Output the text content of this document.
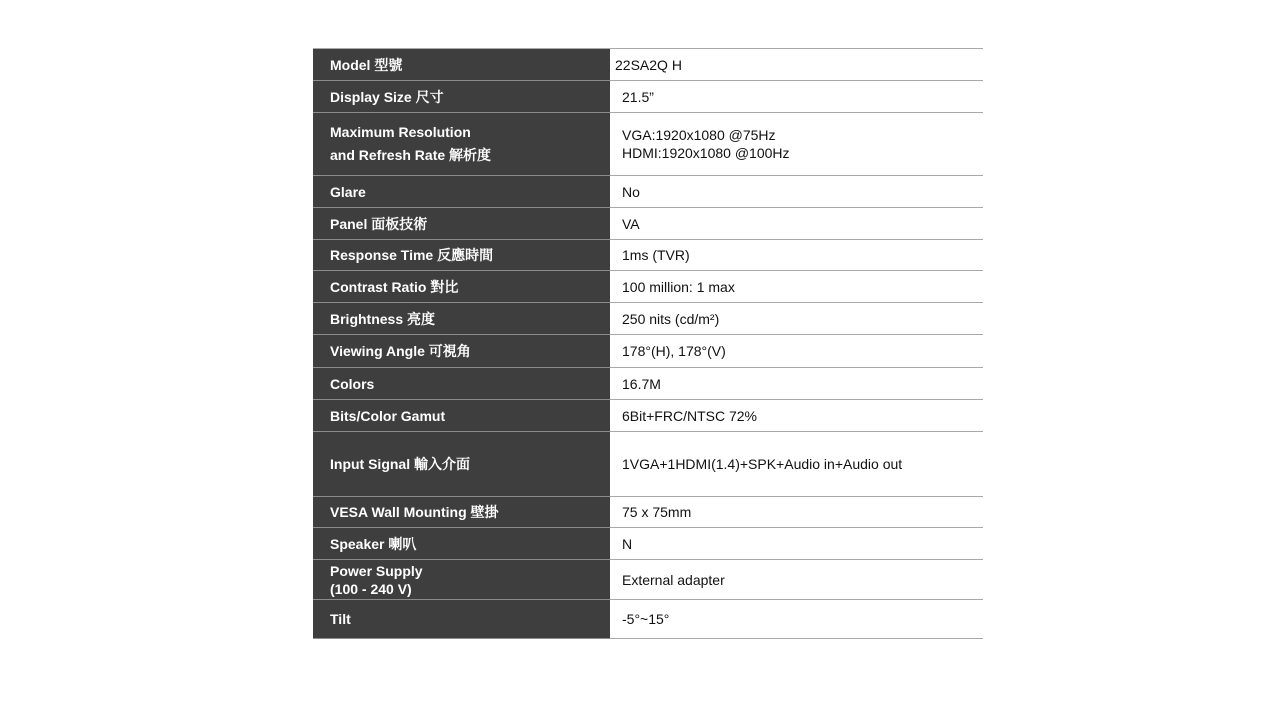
Model 型號	22SA2Q H
Display Size 尺寸	21.5”

Maximum Resolution
and Refresh Rate 解析度	VGA:1920x1080 @75Hz
HDMI:1920x1080 @100Hz

Glare	No
Panel 面板技術	VA
Response Time 反應時間	1ms (TVR)
Contrast Ratio 對比	100 million: 1 max
Brightness 亮度	250 nits (cd/m²)
Viewing Angle 可視角	178°(H), 178°(V)
Colors	16.7M
Bits/Color Gamut	6Bit+FRC/NTSC 72%
Input Signal 輸入介面	1VGA+1HDMI(1.4)+SPK+Audio in+Audio out
VESA Wall Mounting 壁掛	75 x 75mm
Speaker 喇叭	N

Power Supply
(100 - 240 V)	External adapter
Tilt	-5°~15°
